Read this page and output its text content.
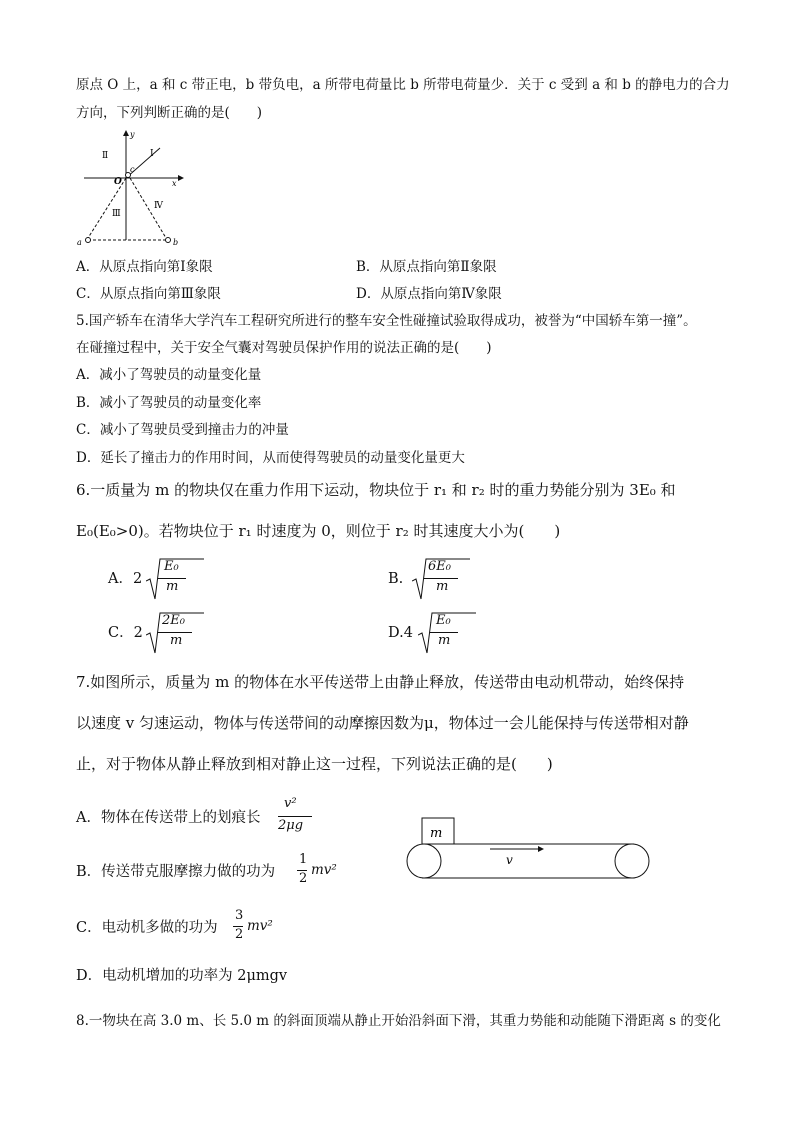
原点 O 上，a 和 c 带正电，b 带负电，a 所带电荷量比 b 所带电荷量少．关于 c 受到 a 和 b 的静电力的合力
方向，下列判断正确的是(　　)
y
x
O
c
a	b
Ⅰ
Ⅱ
Ⅲ
Ⅳ
A．从原点指向第Ⅰ象限	B．从原点指向第Ⅱ象限
C．从原点指向第Ⅲ象限	D．从原点指向第Ⅳ象限
5.国产轿车在清华大学汽车工程研究所进行的整车安全性碰撞试验取得成功，被誉为“中国轿车第一撞”。
在碰撞过程中，关于安全气囊对驾驶员保护作用的说法正确的是(　　)
A．减小了驾驶员的动量变化量
B．减小了驾驶员的动量变化率
C．减小了驾驶员受到撞击力的冲量
D．延长了撞击力的作用时间，从而使得驾驶员的动量变化量更大
6.一质量为 m 的物块仅在重力作用下运动，物块位于 r₁ 和 r₂ 时的重力势能分别为 3E₀ 和
E₀(E₀>0)。若物块位于 r₁ 时速度为 0，则位于 r₂ 时其速度大小为(　　)
A．2
E₀
m	B.
6E₀
m
C．2
2E₀
m	D.4
E₀
m
7.如图所示，质量为 m 的物体在水平传送带上由静止释放，传送带由电动机带动，始终保持
以速度 v 匀速运动，物体与传送带间的动摩擦因数为μ，物体过一会儿能保持与传送带相对静
止，对于物体从静止释放到相对静止这一过程，下列说法正确的是(　　)
A．物体在传送带上的划痕长
v²
2μg
B．传送带克服摩擦力做的功为
1
2
mv²
C．电动机多做的功为
3
2
mv²
D．电动机增加的功率为 2μmgv
m
v
8.一物块在高 3.0 m、长 5.0 m 的斜面顶端从静止开始沿斜面下滑，其重力势能和动能随下滑距离 s 的变化
